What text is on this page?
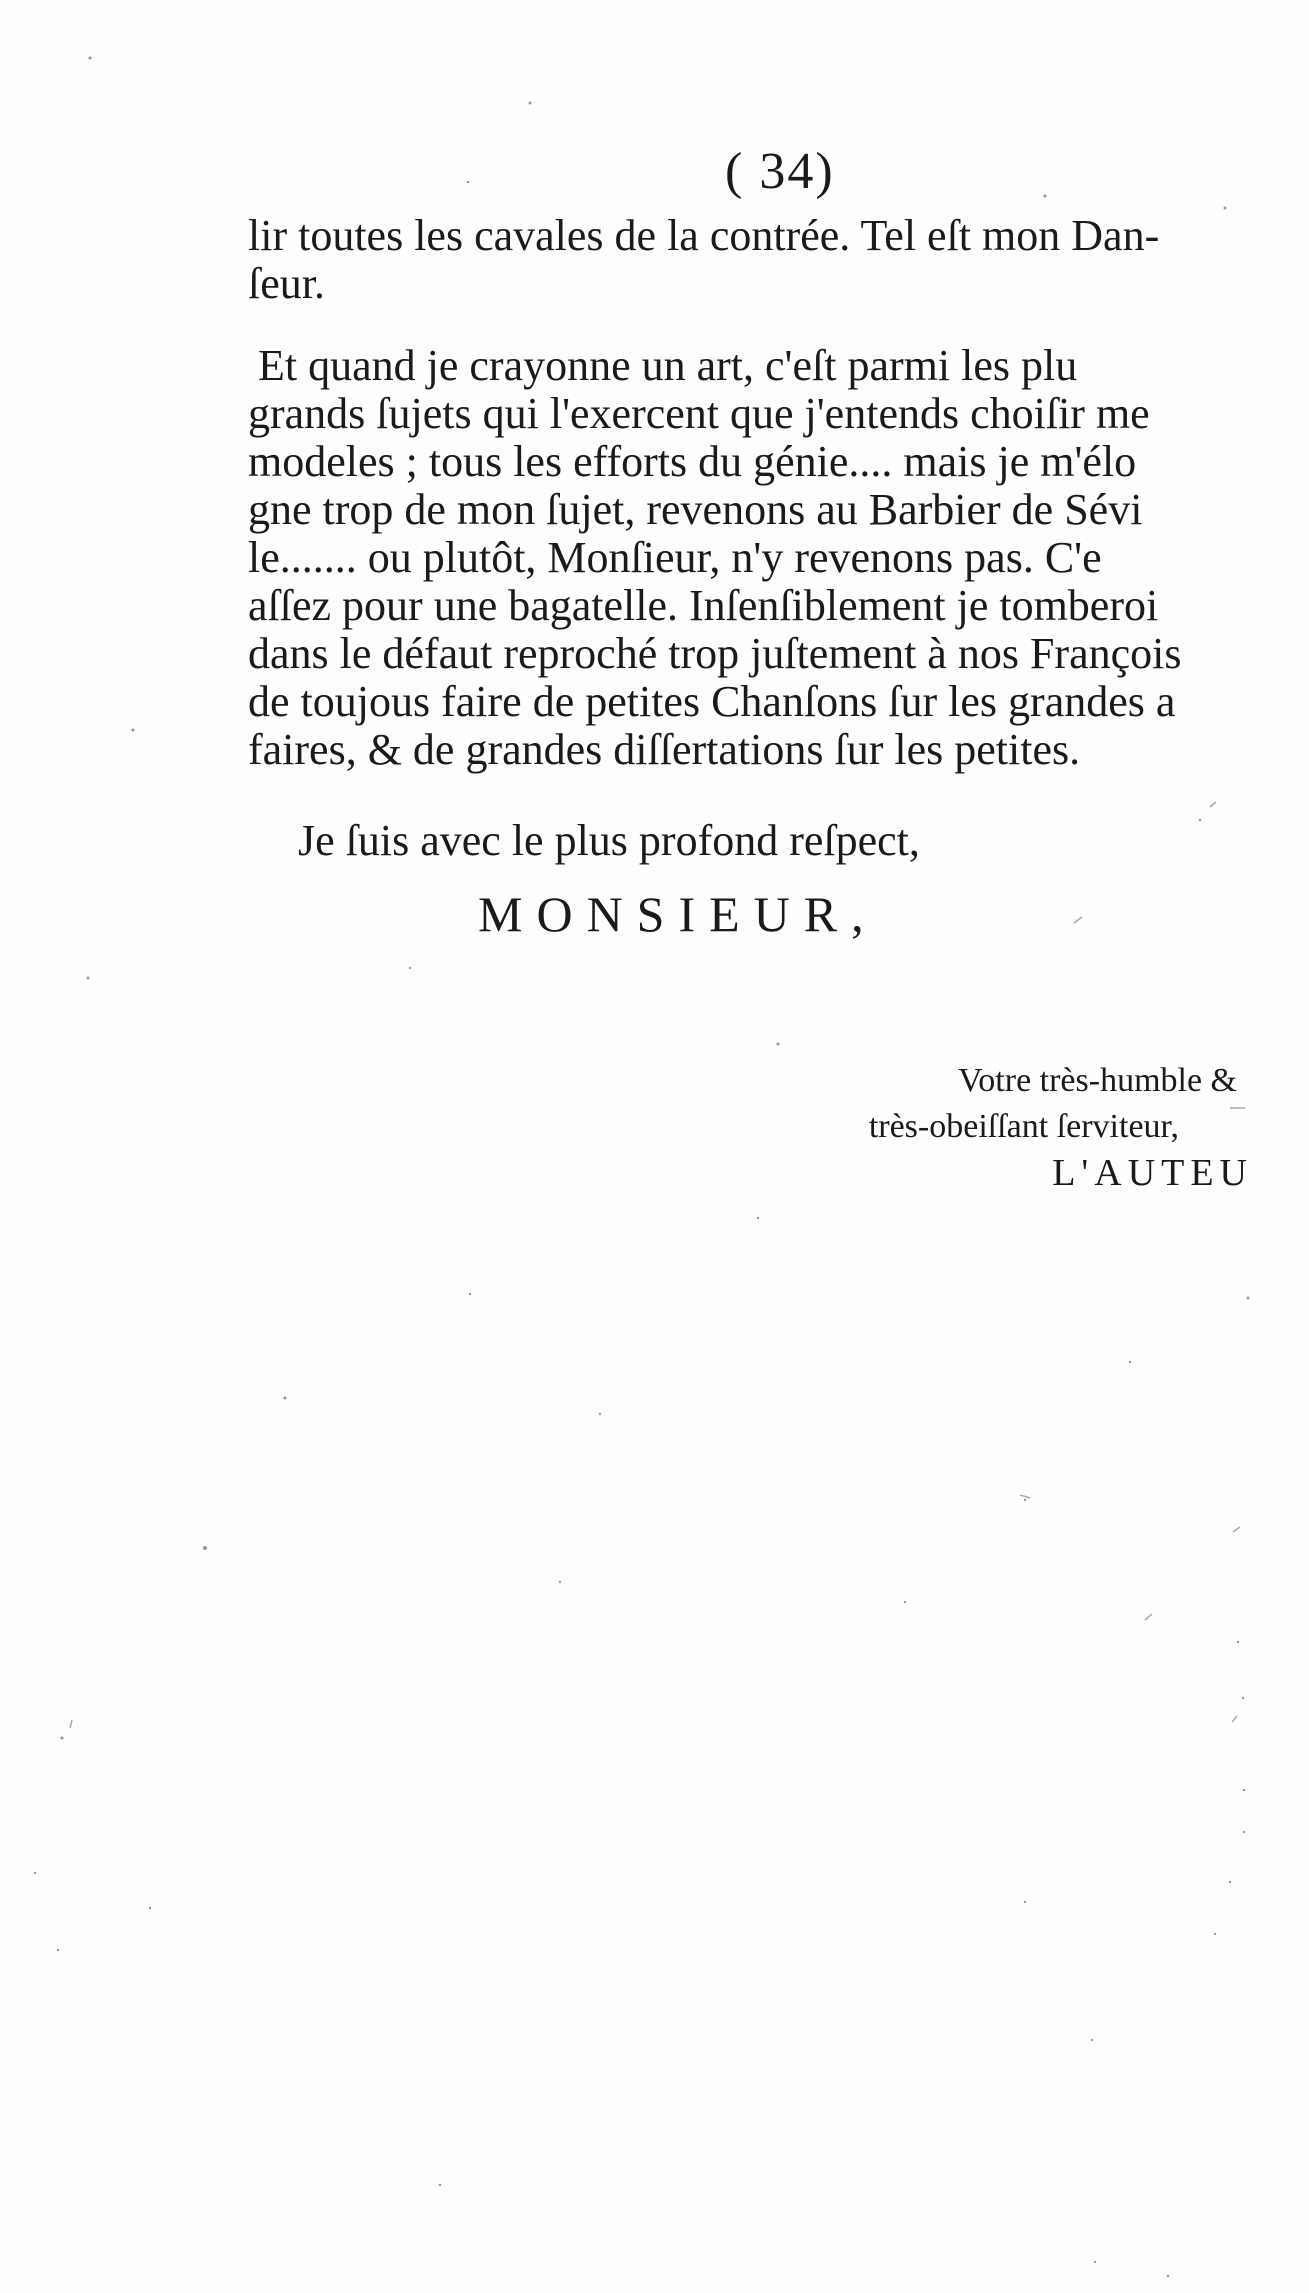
( 34)
lir toutes les cavales de la contrée. Tel eſt mon Dan-
ſeur.
Et quand je crayonne un art, c'eſt parmi les plu
grands ſujets qui l'exercent que j'entends choiſir me
modeles ; tous les efforts du génie.... mais je m'élo
gne trop de mon ſujet, revenons au Barbier de Sévi
le....... ou plutôt, Monſieur, n'y revenons pas. C'e
aſſez pour une bagatelle. Inſenſiblement je tomberoi
dans le défaut reproché trop juſtement à nos François
de toujous faire de petites Chanſons ſur les grandes a
faires, & de grandes diſſertations ſur les petites.
Je ſuis avec le plus profond reſpect,
MONSIEUR,
Votre très-humble &
très-obeiſſant ſerviteur,
L'AUTEU
